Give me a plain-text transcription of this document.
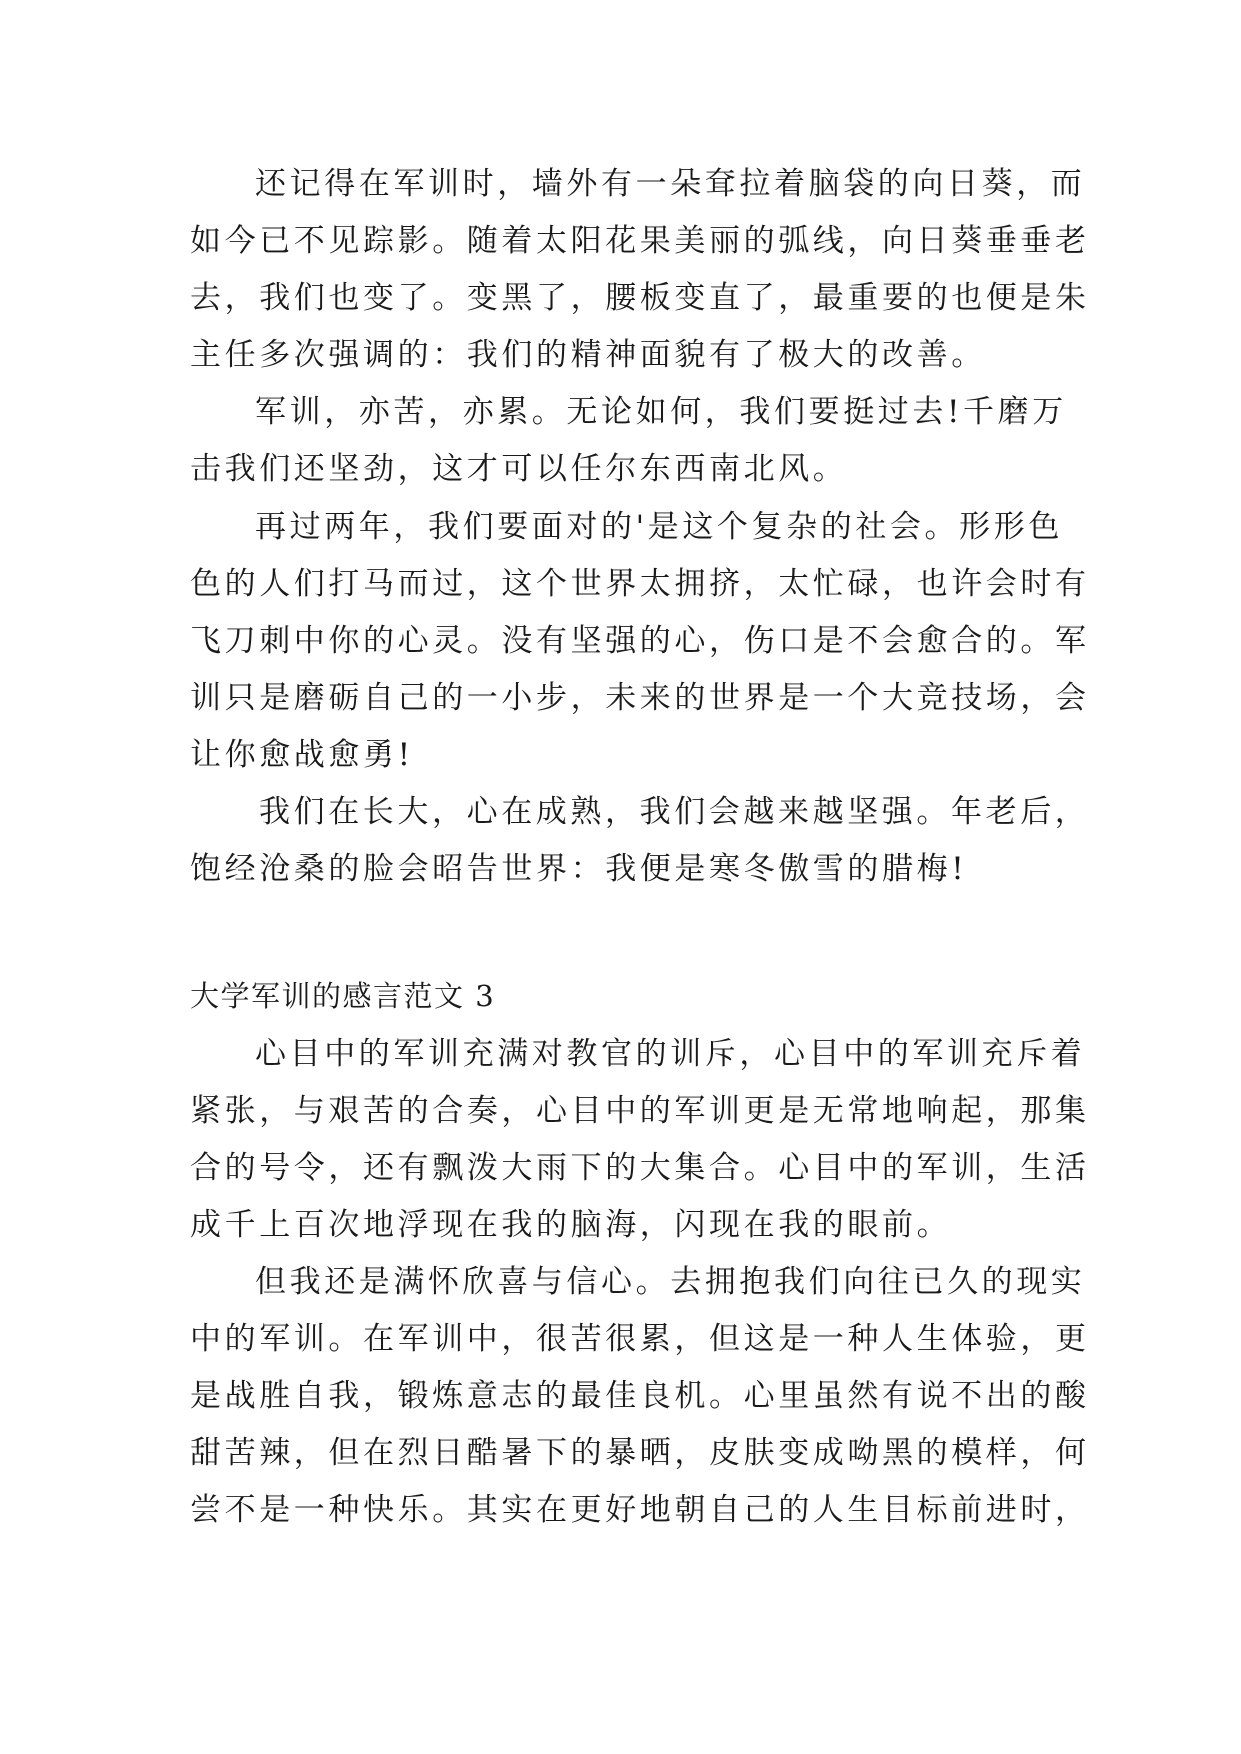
还记得在军训时，墙外有一朵耷拉着脑袋的向日葵，而
如今已不见踪影。随着太阳花果美丽的弧线，向日葵垂垂老
去，我们也变了。变黑了，腰板变直了，最重要的也便是朱
主任多次强调的：我们的精神面貌有了极大的改善。
军训，亦苦，亦累。无论如何，我们要挺过去!千磨万
击我们还坚劲，这才可以任尔东西南北风。
再过两年，我们要面对的'是这个复杂的社会。形形色
色的人们打马而过，这个世界太拥挤，太忙碌，也许会时有
飞刀刺中你的心灵。没有坚强的心，伤口是不会愈合的。军
训只是磨砺自己的一小步，未来的世界是一个大竞技场，会
让你愈战愈勇!
我们在长大，心在成熟，我们会越来越坚强。年老后，
饱经沧桑的脸会昭告世界：我便是寒冬傲雪的腊梅!
大学军训的感言范文 3
心目中的军训充满对教官的训斥，心目中的军训充斥着
紧张，与艰苦的合奏，心目中的军训更是无常地响起，那集
合的号令，还有飘泼大雨下的大集合。心目中的军训，生活
成千上百次地浮现在我的脑海，闪现在我的眼前。
但我还是满怀欣喜与信心。去拥抱我们向往已久的现实
中的军训。在军训中，很苦很累，但这是一种人生体验，更
是战胜自我，锻炼意志的最佳良机。心里虽然有说不出的酸
甜苦辣，但在烈日酷暑下的暴晒，皮肤变成呦黑的模样，何
尝不是一种快乐。其实在更好地朝自己的人生目标前进时，
